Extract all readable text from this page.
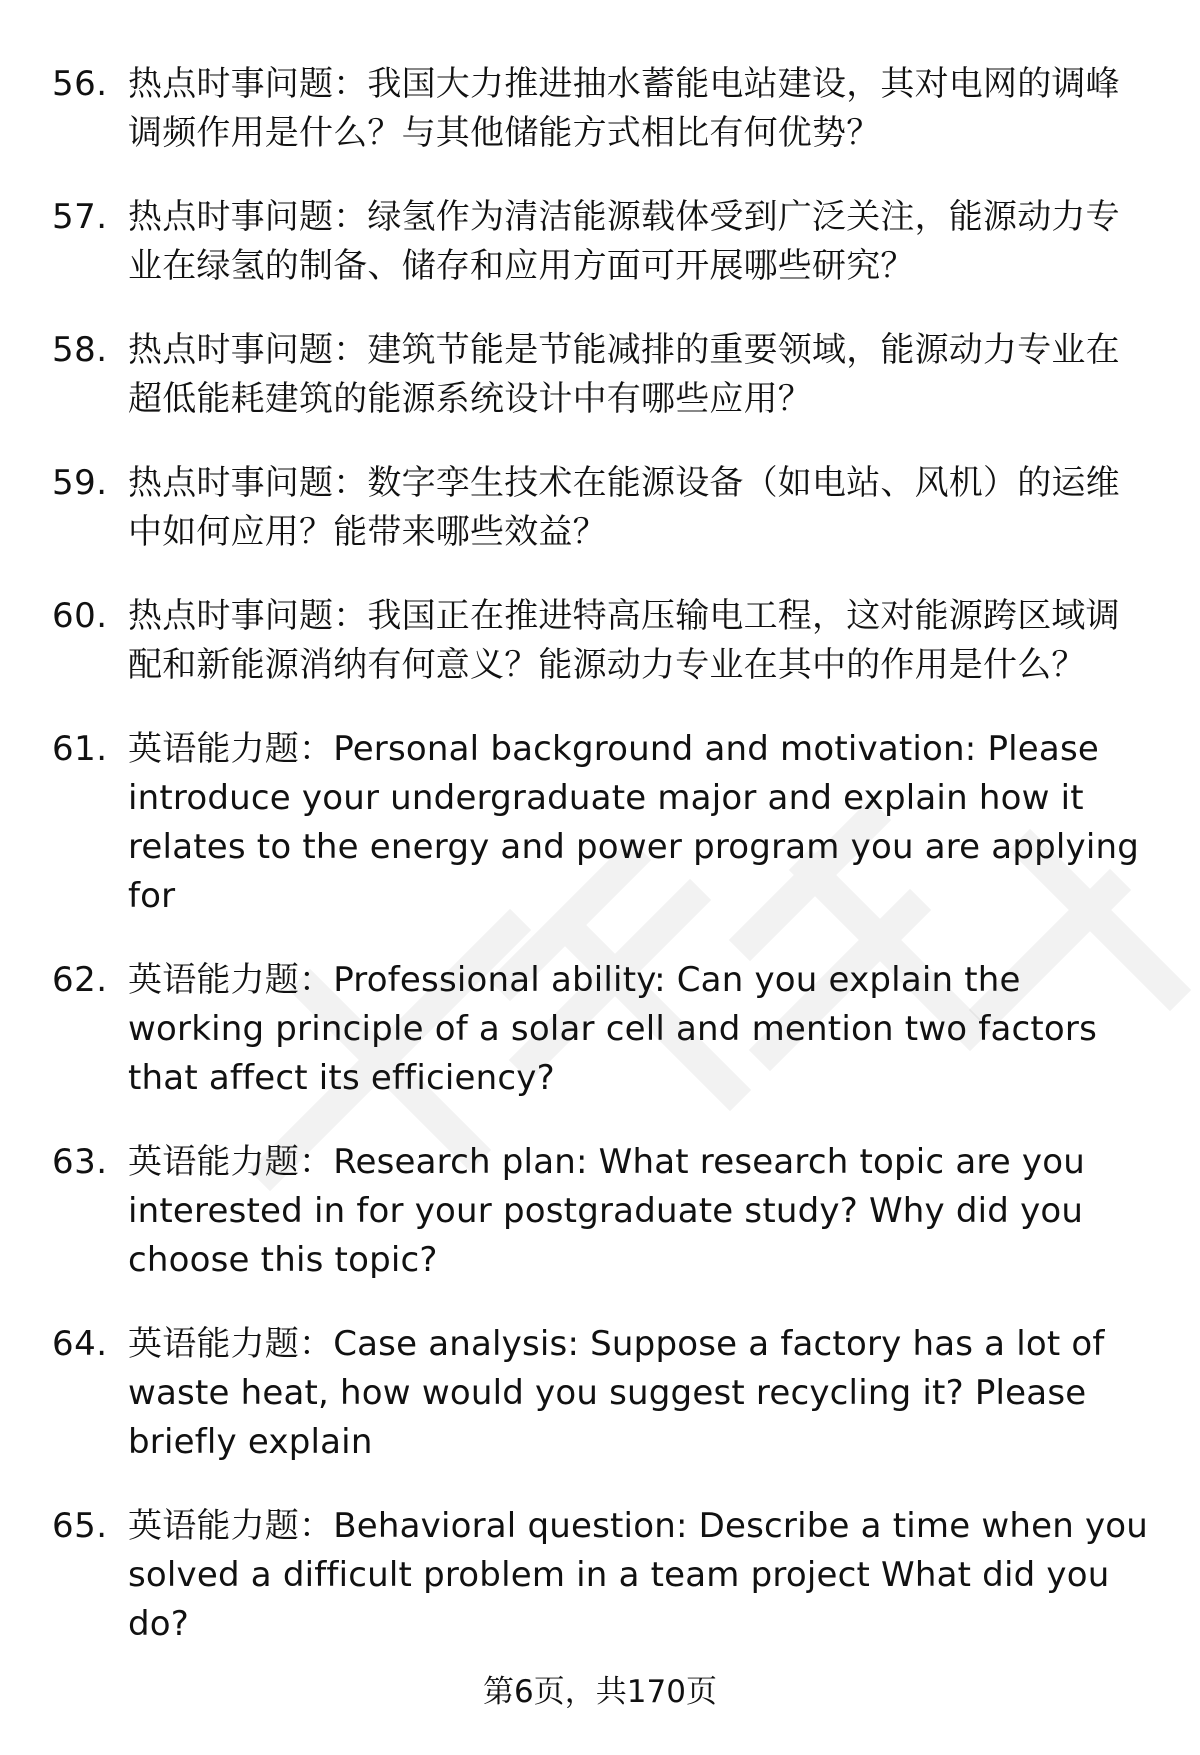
56. 热点时事问题：我国大力推进抽水蓄能电站建设，其对电网的调峰调频作用是什么？与其他储能方式相比有何优势？
57. 热点时事问题：绿氢作为清洁能源载体受到广泛关注，能源动力专业在绿氢的制备、储存和应用方面可开展哪些研究？
58. 热点时事问题：建筑节能是节能减排的重要领域，能源动力专业在超低能耗建筑的能源系统设计中有哪些应用？
59. 热点时事问题：数字孪生技术在能源设备（如电站、风机）的运维中如何应用？能带来哪些效益？
60. 热点时事问题：我国正在推进特高压输电工程，这对能源跨区域调配和新能源消纳有何意义？能源动力专业在其中的作用是什么？
61. 英语能力题：Personal background and motivation: Please introduce your undergraduate major and explain how it relates to the energy and power program you are applying for
62. 英语能力题：Professional ability: Can you explain the working principle of a solar cell and mention two factors that affect its efficiency?
63. 英语能力题：Research plan: What research topic are you interested in for your postgraduate study? Why did you choose this topic?
64. 英语能力题：Case analysis: Suppose a factory has a lot of waste heat, how would you suggest recycling it? Please briefly explain
65. 英语能力题：Behavioral question: Describe a time when you solved a difficult problem in a team project What did you do?
第6页，共170页
